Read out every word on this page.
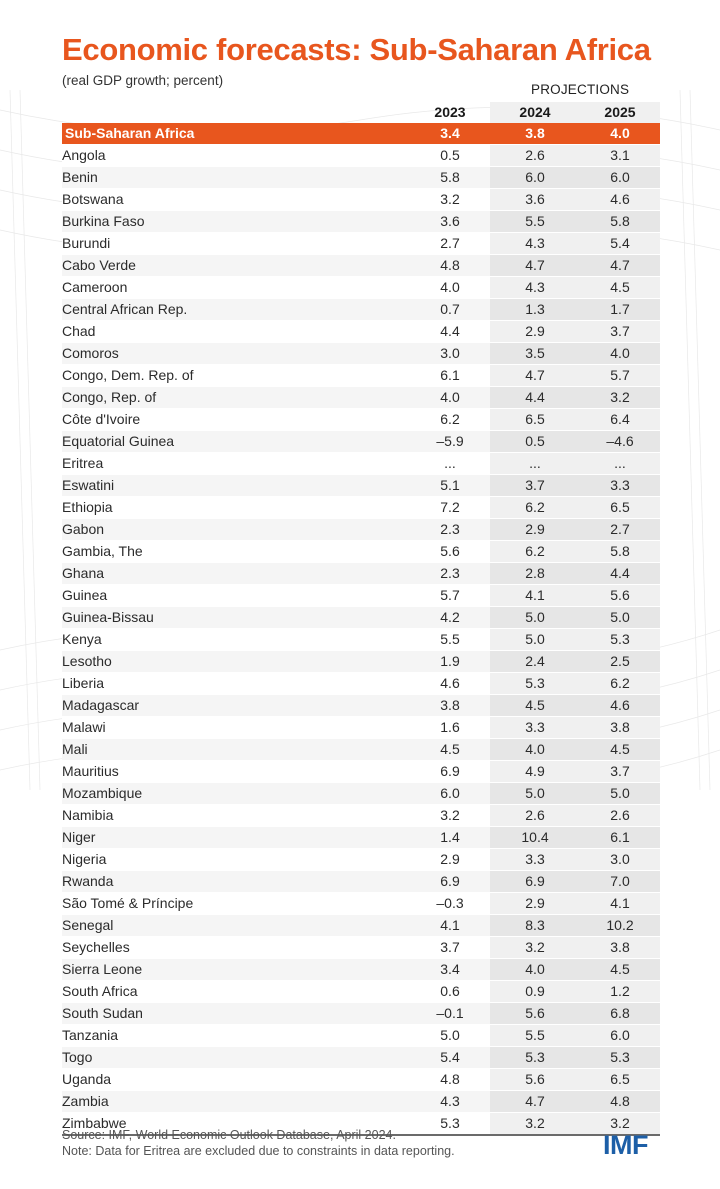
Economic forecasts: Sub-Saharan Africa
(real GDP growth; percent)
PROJECTIONS
	2023	2024	2025
Sub-Saharan Africa	3.4	3.8	4.0
Angola	0.5	2.6	3.1
Benin	5.8	6.0	6.0
Botswana	3.2	3.6	4.6
Burkina Faso	3.6	5.5	5.8
Burundi	2.7	4.3	5.4
Cabo Verde	4.8	4.7	4.7
Cameroon	4.0	4.3	4.5
Central African Rep.	0.7	1.3	1.7
Chad	4.4	2.9	3.7
Comoros	3.0	3.5	4.0
Congo, Dem. Rep. of	6.1	4.7	5.7
Congo, Rep. of	4.0	4.4	3.2
Côte d'Ivoire	6.2	6.5	6.4
Equatorial Guinea	–5.9	0.5	–4.6
Eritrea	...	...	...
Eswatini	5.1	3.7	3.3
Ethiopia	7.2	6.2	6.5
Gabon	2.3	2.9	2.7
Gambia, The	5.6	6.2	5.8
Ghana	2.3	2.8	4.4
Guinea	5.7	4.1	5.6
Guinea-Bissau	4.2	5.0	5.0
Kenya	5.5	5.0	5.3
Lesotho	1.9	2.4	2.5
Liberia	4.6	5.3	6.2
Madagascar	3.8	4.5	4.6
Malawi	1.6	3.3	3.8
Mali	4.5	4.0	4.5
Mauritius	6.9	4.9	3.7
Mozambique	6.0	5.0	5.0
Namibia	3.2	2.6	2.6
Niger	1.4	10.4	6.1
Nigeria	2.9	3.3	3.0
Rwanda	6.9	6.9	7.0
São Tomé & Príncipe	–0.3	2.9	4.1
Senegal	4.1	8.3	10.2
Seychelles	3.7	3.2	3.8
Sierra Leone	3.4	4.0	4.5
South Africa	0.6	0.9	1.2
South Sudan	–0.1	5.6	6.8
Tanzania	5.0	5.5	6.0
Togo	5.4	5.3	5.3
Uganda	4.8	5.6	6.5
Zambia	4.3	4.7	4.8
Zimbabwe	5.3	3.2	3.2
Source: IMF, World Economic Outlook Database, April 2024.
Note: Data for Eritrea are excluded due to constraints in data reporting.	IMF
